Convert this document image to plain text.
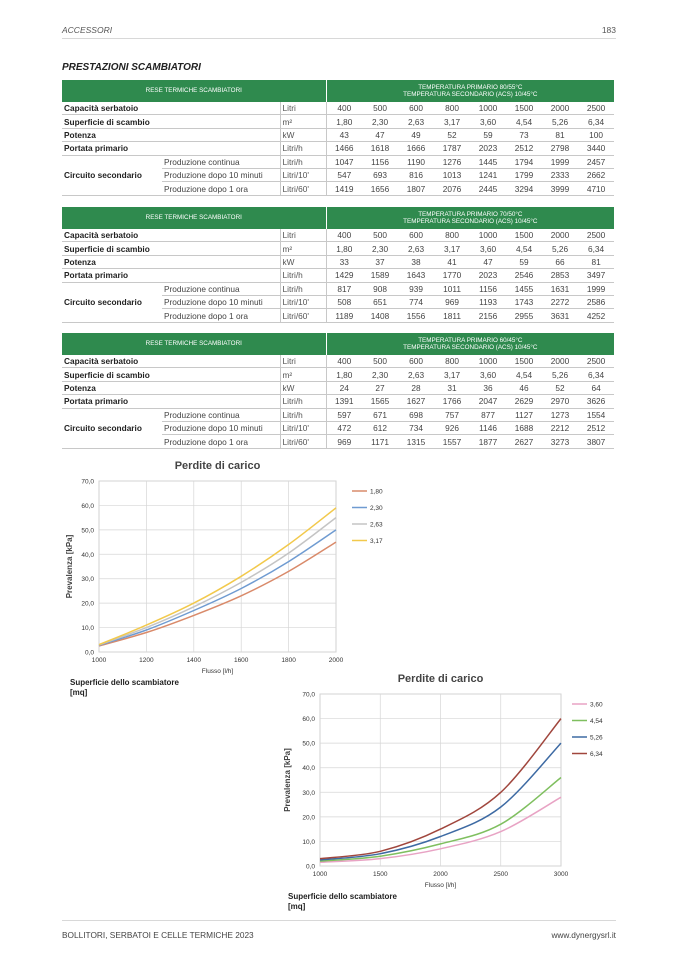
ACCESSORI	183
PRESTAZIONI SCAMBIATORI
RESE TERMICHE SCAMBIATORI			TEMPERATURA PRIMARIO 80/55°C
TEMPERATURA SECONDARIO (ACS) 10/45°C							

Capacità serbatoio		Litri	400	500	600	800	1000	1500	2000	2500
Superficie di scambio		m²	1,80	2,30	2,63	3,17	3,60	4,54	5,26	6,34
Potenza		kW	43	47	49	52	59	73	81	100
Portata primario		Litri/h	1466	1618	1666	1787	2023	2512	2798	3440
Circuito secondario	Produzione continua	Litri/h	1047	1156	1190	1276	1445	1794	1999	2457
	Produzione dopo 10 minuti	Litri/10'	547	693	816	1013	1241	1799	2333	2662
	Produzione dopo 1 ora	Litri/60'	1419	1656	1807	2076	2445	3294	3999	4710
RESE TERMICHE SCAMBIATORI			TEMPERATURA PRIMARIO 70/50°C
TEMPERATURA SECONDARIO (ACS) 10/45°C							

Capacità serbatoio		Litri	400	500	600	800	1000	1500	2000	2500
Superficie di scambio		m²	1,80	2,30	2,63	3,17	3,60	4,54	5,26	6,34
Potenza		kW	33	37	38	41	47	59	66	81
Portata primario		Litri/h	1429	1589	1643	1770	2023	2546	2853	3497
Circuito secondario	Produzione continua	Litri/h	817	908	939	1011	1156	1455	1631	1999
	Produzione dopo 10 minuti	Litri/10'	508	651	774	969	1193	1743	2272	2586
	Produzione dopo 1 ora	Litri/60'	1189	1408	1556	1811	2156	2955	3631	4252
RESE TERMICHE SCAMBIATORI			TEMPERATURA PRIMARIO 60/45°C
TEMPERATURA SECONDARIO (ACS) 10/45°C							

Capacità serbatoio		Litri	400	500	600	800	1000	1500	2000	2500
Superficie di scambio		m²	1,80	2,30	2,63	3,17	3,60	4,54	5,26	6,34
Potenza		kW	24	27	28	31	36	46	52	64
Portata primario		Litri/h	1391	1565	1627	1766	2047	2629	2970	3626
Circuito secondario	Produzione continua	Litri/h	597	671	698	757	877	1127	1273	1554
	Produzione dopo 10 minuti	Litri/10'	472	612	734	926	1146	1688	2212	2512
	Produzione dopo 1 ora	Litri/60'	969	1171	1315	1557	1877	2627	3273	3807
Perdite di carico
0,0
10,0
20,0
30,0
40,0
50,0
60,0
70,0
1000	1200	1400	1600	1800	2000
Flusso [l/h]
Prevalenza [kPa]
1,80
2,30
2,63
3,17
Superficie dello scambiatore
[mq]
Perdite di carico
0,0
10,0
20,0
30,0
40,0
50,0
60,0
70,0
1000	1500	2000	2500	3000
Flusso [l/h]
Prevalenza [kPa]
3,60
4,54
5,26
6,34
Superficie dello scambiatore
[mq]
BOLLITORI, SERBATOI E CELLE TERMICHE 2023	www.dynergysrl.it
